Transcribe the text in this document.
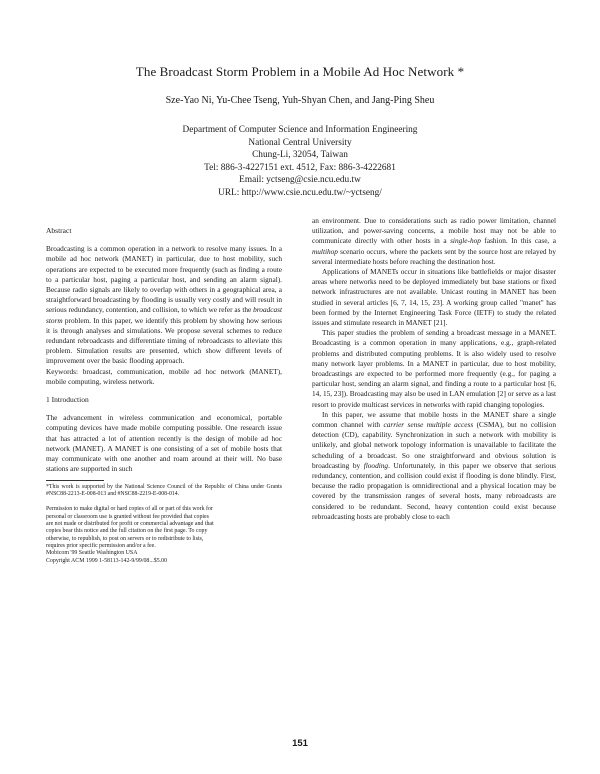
The Broadcast Storm Problem in a Mobile Ad Hoc Network *
Sze-Yao Ni, Yu-Chee Tseng, Yuh-Shyan Chen, and Jang-Ping Sheu
Department of Computer Science and Information Engineering
National Central University
Chung-Li, 32054, Taiwan
Tel: 886-3-4227151 ext. 4512, Fax: 886-3-4222681
Email: yctseng@csie.ncu.edu.tw
URL: http://www.csie.ncu.edu.tw/~yctseng/
Abstract

Broadcasting is a common operation in a network to resolve many issues. In a mobile ad hoc network (MANET) in particular, due to host mobility, such operations are expected to be executed more frequently (such as finding a route to a particular host, paging a particular host, and sending an alarm signal). Because radio signals are likely to overlap with others in a geographical area, a straightforward broadcasting by flooding is usually very costly and will result in serious redundancy, contention, and collision, to which we refer as the broadcast storm problem. In this paper, we identify this problem by showing how serious it is through analyses and simulations. We propose several schemes to reduce redundant rebroadcasts and differentiate timing of rebroadcasts to alleviate this problem. Simulation results are presented, which show different levels of improvement over the basic flooding approach.

Keywords: broadcast, communication, mobile ad hoc network (MANET), mobile computing, wireless network.

1 Introduction

The advancement in wireless communication and economical, portable computing devices have made mobile computing possible. One research issue that has attracted a lot of attention recently is the design of mobile ad hoc network (MANET). A MANET is one consisting of a set of mobile hosts that may communicate with one another and roam around at their will. No base stations are supported in such

*This work is supported by the National Science Council of the Republic of China under Grants #NSC88-2213-E-008-013 and #NSC88-2219-E-008-014.
Permission to make digital or hard copies of all or part of this work for
personal or classroom use is granted without fee provided that copies
are not made or distributed for profit or commercial advantage and that
copies bear this notice and the full citation on the first page. To copy
otherwise, to republish, to post on servers or to redistribute to lists,
requires prior specific permission and/or a fee.
Mobicom '99 Seattle Washington USA
Copyright ACM 1999 1-58113-142-9/99/08...$5.00

an environment. Due to considerations such as radio power limitation, channel utilization, and power-saving concerns, a mobile host may not be able to communicate directly with other hosts in a single-hop fashion. In this case, a multihop scenario occurs, where the packets sent by the source host are relayed by several intermediate hosts before reaching the destination host.

Applications of MANETs occur in situations like battlefields or major disaster areas where networks need to be deployed immediately but base stations or fixed network infrastructures are not available. Unicast routing in MANET has been studied in several articles [6, 7, 14, 15, 23]. A working group called "manet" has been formed by the Internet Engineering Task Force (IETF) to study the related issues and stimulate research in MANET [21].

This paper studies the problem of sending a broadcast message in a MANET. Broadcasting is a common operation in many applications, e.g., graph-related problems and distributed computing problems. It is also widely used to resolve many network layer problems. In a MANET in particular, due to host mobility, broadcastings are expected to be performed more frequently (e.g., for paging a particular host, sending an alarm signal, and finding a route to a particular host [6, 14, 15, 23]). Broadcasting may also be used in LAN emulation [2] or serve as a last resort to provide multicast services in networks with rapid changing topologies.

In this paper, we assume that mobile hosts in the MANET share a single common channel with carrier sense multiple access (CSMA), but no collision detection (CD), capability. Synchronization in such a network with mobility is unlikely, and global network topology information is unavailable to facilitate the scheduling of a broadcast. So one straightforward and obvious solution is broadcasting by flooding. Unfortunately, in this paper we observe that serious redundancy, contention, and collision could exist if flooding is done blindly. First, because the radio propagation is omnidirectional and a physical location may be covered by the transmission ranges of several hosts, many rebroadcasts are considered to be redundant. Second, heavy contention could exist because rebroadcasting hosts are probably close to each

151
